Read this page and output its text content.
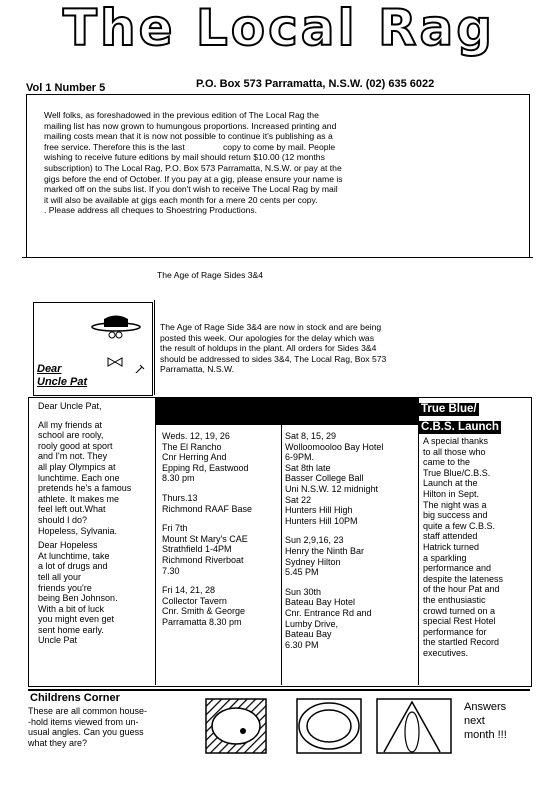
The Local Rag
Vol 1 Number 5	P.O. Box 573 Parramatta, N.S.W. (02) 635 6022
Well folks, as foreshadowed in the previous edition of The Local Rag the
mailing list has now grown to humungous proportions. Increased printing and
mailing costs mean that it is now not possible to continue it's publishing as a
free service. Therefore this is the last                copy to come by mail. People
wishing to receive future editions by mail should return $10.00 (12 months
subscription) to The Local Rag, P.O. Box 573 Parramatta, N.S.W. or pay at the
gigs before the end of October. If you pay at a gig, please ensure your name is
marked off on the subs list. If you don't wish to receive The Local Rag by mail
it will also be available at gigs each month for a mere 20 cents per copy.
. Please address all cheques to Shoestring Productions.
The Age of Rage Sides 3&4
The Age of Rage Side 3&4 are now in stock and are being
posted this week. Our apologies for the delay which was
the result of holdups in the plant. All orders for Sides 3&4
should be addressed to sides 3&4, The Local Rag, Box 573
Parramatta, N.S.W.
Dear
Uncle Pat

Dear Uncle Pat,

All my friends at
school are rooly,
rooly good at sport
and I'm not. They
all play Olympics at
lunchtime. Each one
pretends he's a famous
athlete. It makes me
feel left out.What
should I do?
Hopeless, Sylvania.

Dear Hopeless
At lunchtime, take
a lot of drugs and
tell all your
friends you're
being Ben Johnson.
With a bit of luck
you might even get
sent home early.
Uncle Pat

Weds. 12, 19, 26
The El Rancho
Cnr Herring And
Epping Rd, Eastwood
8.30 pm
Thurs.13
Richmond RAAF Base
Fri 7th
Mount St Mary's CAE
Strathfield 1-4PM
Richmond Riverboat
7.30
Fri 14, 21, 28
Collector Tavern
Cnr. Smith & George
Parramatta 8.30 pm
Sat 8, 15, 29
Wolloomooloo Bay Hotel
6-9PM.
Sat 8th late
Basser College Ball
Uni N.S.W. 12 midnight
Sat 22
Hunters Hill High
Hunters Hill 10PM
Sun 2,9,16, 23
Henry the Ninth Bar
Sydney Hilton
5.45 PM
Sun 30th
Bateau Bay Hotel
Cnr. Entrance Rd and
Lumby Drive,
Bateau Bay
6.30 PM
True Blue/
C.B.S. Launch
A special thanks
to all those who
came to the
True Blue/C.B.S.
Launch at the
Hilton in Sept.
The night was a
big success and
quite a few C.B.S.
staff attended
Hatrick turned
a sparkling
performance and
despite the lateness
of the hour Pat and
the enthusiastic
crowd turned on a
special Rest Hotel
performance for
the startled Record
executives.
Childrens Corner
These are all common house-
-hold items viewed from un-
usual angles. Can you guess
what they are?
Answers
next
month !!!
